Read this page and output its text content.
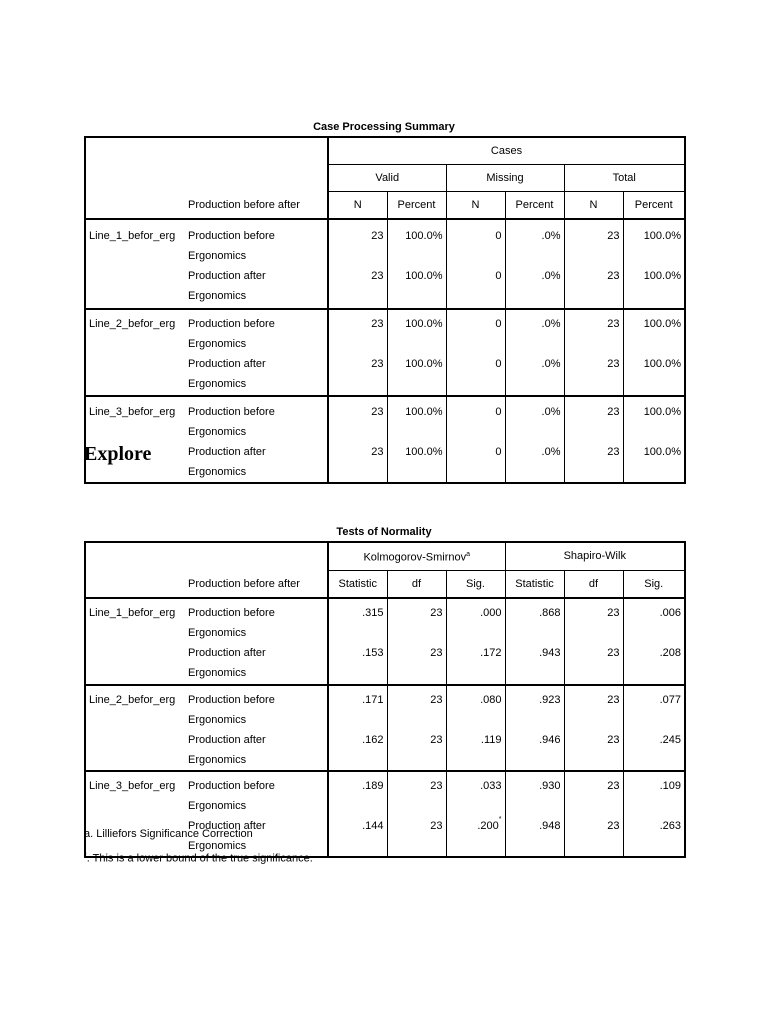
Case Processing Summary
		Cases					
		Valid		Missing		Total	
	Production before after	N	Percent	N	Percent	N	Percent
Line_1_befor_erg	Production before Ergonomics	23	100.0%	0	.0%	23	100.0%
	Production after Ergonomics	23	100.0%	0	.0%	23	100.0%
Line_2_befor_erg	Production before Ergonomics	23	100.0%	0	.0%	23	100.0%
	Production after Ergonomics	23	100.0%	0	.0%	23	100.0%
Line_3_befor_erg	Production before Ergonomics	23	100.0%	0	.0%	23	100.0%
	Production after Ergonomics	23	100.0%	0	.0%	23	100.0%
Explore
Tests of Normality
		Kolmogorov-Smirnov$^a$			Shapiro-Wilk		

	Production before after	Statistic	df	Sig.	Statistic	df	Sig.
Line_1_befor_erg	Production before Ergonomics	.315	23	.000	.868	23	.006
	Production after Ergonomics	.153	23	.172	.943	23	.208
Line_2_befor_erg	Production before Ergonomics	.171	23	.080	.923	23	.077
	Production after Ergonomics	.162	23	.119	.946	23	.245
Line_3_befor_erg	Production before Ergonomics	.189	23	.033	.930	23	.109
	Production after Ergonomics	.144	23	.200*	.948	23	.263
a. Lilliefors Significance Correction
*. This is a lower bound of the true significance.
